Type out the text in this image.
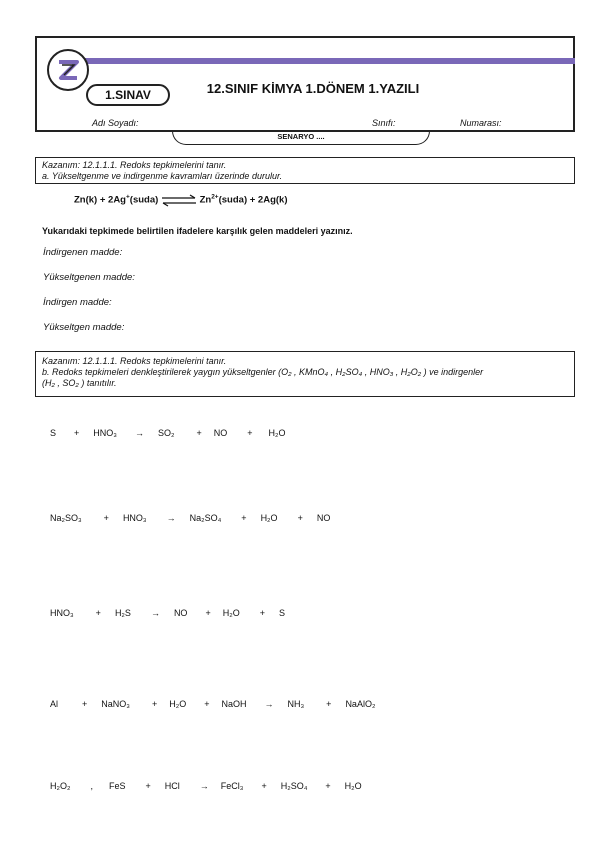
1.SINAV	12.SINIF KİMYA 1.DÖNEM 1.YAZILI
Adı Soyadı:	Sınıfı:	Numarası:
SENARYO ....
Kazanım: 12.1.1.1. Redoks tepkimelerini tanır.
a. Yükseltgenme ve indirgenme kavramları üzerinde durulur.
Zn(k) + 2Ag+(suda) ⇌ $Zn^{2+}(suda) + 2Ag(k)$
Yukarıdaki tepkimede belirtilen ifadelere karşılık gelen maddeleri yazınız.
İndirgenen madde:
Yükseltgenen madde:
İndirgen madde:
Yükseltgen madde:
Kazanım: 12.1.1.1. Redoks tepkimelerini tanır.
b. Redoks tepkimeleri denkleştirilerek yaygın yükseltgenler (O₂ , KMnO₄ , H₂SO₄ , HNO₃ , H₂O₂ ) ve indirgenler
(H₂ , SO₂ ) tanıtılır.
S + HNO₃ → SO₂ + NO + H₂O
Na₂SO₃ + HNO₃ → Na₂SO₄ + H₂O + NO
HNO₃ + H₂S → NO + H₂O + S
Al	+ NaNO₃ + H₂O + NaOH → NH₃ + NaAlO₂
H₂O₂ , FeS + HCl → FeCl₃ + H₂SO₄ + H₂O
